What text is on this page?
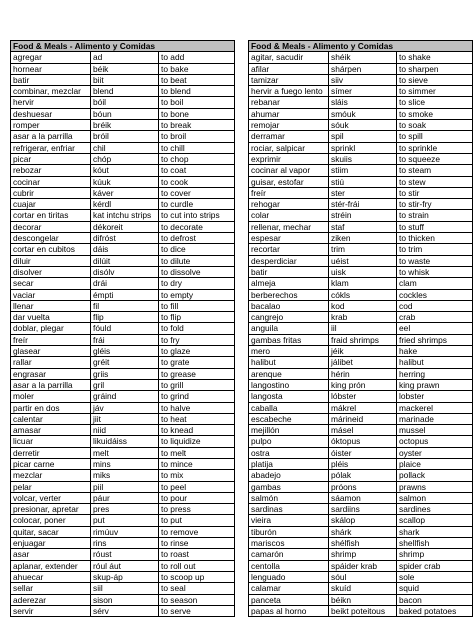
Food & Meals - Alimento y Comidas		
agregar	ad	to add
hornear	béik	to bake
batir	biit	to beat
combinar, mezclar	blend	to blend
hervir	bóil	to boil
deshuesar	bóun	to bone
romper	bréik	to break
asar a la parrilla	bróil	to broil
refrigerar, enfriar	chil	to chill
picar	chóp	to chop
rebozar	kóut	to coat
cocinar	kúuk	to cook
cubrir	káver	to cover
cuajar	kérdl	to curdle
cortar en tiritas	kat intchu strips	to cut into strips
decorar	dékoreit	to decorate
descongelar	difróst	to defrost
cortar en cubitos	dáis	to dice
diluir	dilúit	to dilute
disolver	disólv	to dissolve
secar	drái	to dry
vaciar	émpti	to empty
llenar	fil	to fill
dar vuelta	flip	to flip
doblar, plegar	fóuld	to fold
freír	frái	to fry
glasear	gléis	to glaze
rallar	gréit	to grate
engrasar	griis	to grease
asar a la parrilla	gril	to grill
moler	gráind	to grind
partir en dos	jáv	to halve
calentar	jiit	to heat
amasar	niid	to knead
licuar	likuidáiss	to liquidize
derretir	melt	to melt
picar carne	mins	to mince
mezclar	miks	to mix
pelar	piil	to peel
volcar, verter	páur	to pour
presionar, apretar	pres	to press
colocar, poner	put	to put
quitar, sacar	rimúuv	to remove
enjuagar	rins	to rinse
asar	róust	to roast
aplanar, extender	róul áut	to roll out
ahuecar	skup-áp	to scoop up
sellar	siil	to seal
aderezar	sison	to season
servir	sérv	to serve
Food & Meals - Alimento y Comidas		
agitar, sacudir	shéik	to shake
afilar	shárpen	to sharpen
tamizar	siiv	to sieve
hervir a fuego lento	símer	to simmer
rebanar	sláis	to slice
ahumar	smóuk	to smoke
remojar	sóuk	to soak
derramar	spil	to spill
rociar, salpicar	sprinkl	to sprinkle
exprimir	skuiis	to squeeze
cocinar al vapor	stiim	to steam
guisar, estofar	stiú	to stew
freír	ster	to stir
rehogar	stér-frái	to stir-fry
colar	stréin	to strain
rellenar, mechar	staf	to stuff
espesar	ziken	to thicken
recortar	trim	to trim
desperdiciar	uéist	to waste
batir	uisk	to whisk
almeja	klam	clam
berberechos	cókls	cockles
bacalao	kod	cod
cangrejo	krab	crab
anguila	iil	eel
gambas fritas	fraid shrimps	fried shrimps
mero	jéik	hake
halibut	jálibet	halibut
arenque	hérin	herring
langostino	king prón	king prawn
langosta	lóbster	lobster
caballa	mákrel	mackerel
escabeche	márineid	marinade
mejillón	másel	mussel
pulpo	óktopus	octopus
ostra	óister	oyster
platija	pléis	plaice
abadejo	pólak	pollack
gambas	próons	prawns
salmón	sáamon	salmon
sardinas	sardiins	sardines
vieira	skálop	scallop
tiburón	shárk	shark
mariscos	shélfish	shellfish
camarón	shrimp	shrimp
centolla	spáider krab	spider crab
lenguado	sóul	sole
calamar	skuíd	squid
panceta	béikn	bacon
papas al horno	beikt poteitous	baked potatoes
